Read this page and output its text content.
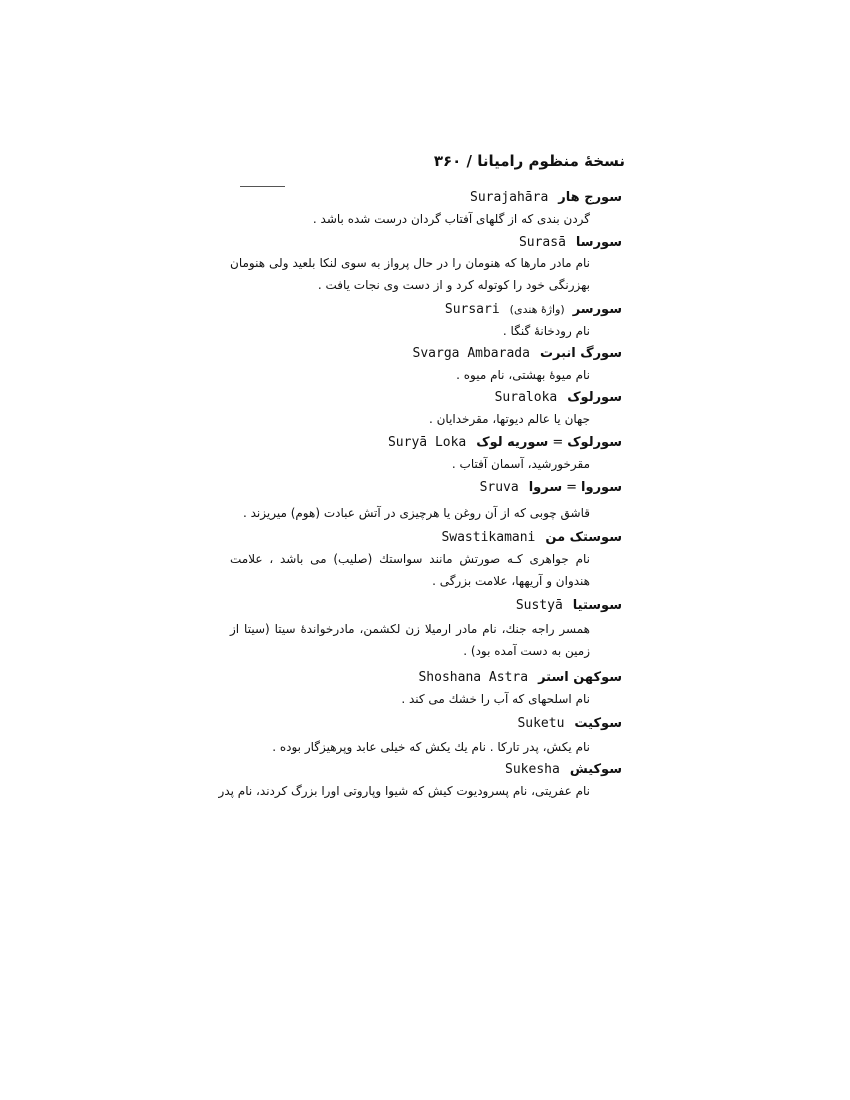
نسخهٔ منظوم رامیانا / ۳۶۰
سورج هارSurajahāra
گردن بندی که از گلهای آفتاب گردان درست شده باشد .
سورساSurasā
نام مادر مارها که هنومان را در حال پرواز به سوی لنکا بلعید ولی هنومان بهزرنگی خود را کوتوله کرد و از دست وی نجات یافت .
سورسر(واژهٔ هندی)Sursari
نام رودخانهٔ گنگا .
سورگ انبرتSvarga Ambarada
نام میوهٔ بهشتی، نام میوه .
سورلوکSuraloka
جهان یا عالم دیوتها، مقرخدایان .
سورلوک=سوریه لوکSuryā Loka
مقرخورشید، آسمان آفتاب .
سوروا=سرواSruva
قاشق چوبی که از آن روغن یا هرچیزی در آتش عبادت (هوم) میریزند .
سوستک منSwastikamani
نام جواهری کـه صورتش مانند سواستك (صلیب) می باشد ، علامت هندوان و آریهها، علامت بزرگی .
سوستیاSustyā
همسر راجه جنك، نام مادر ارمیلا زن لکشمن، مادرخواندهٔ سیتا (سیتا از زمین به دست آمده بود) .
سوکهن استرShoshana Astra
نام اسلحهای که آب را خشك می كند .
سوکیتSuketu
نام یکش، پدر تارکا . نام یك یکش که خیلی عابد وپرهیزگار بوده .
سوکیشSukesha
نام عفریتی، نام پسرودیوت کیش که شیوا وپاروتی اورا بزرگ کردند، نام پدر
